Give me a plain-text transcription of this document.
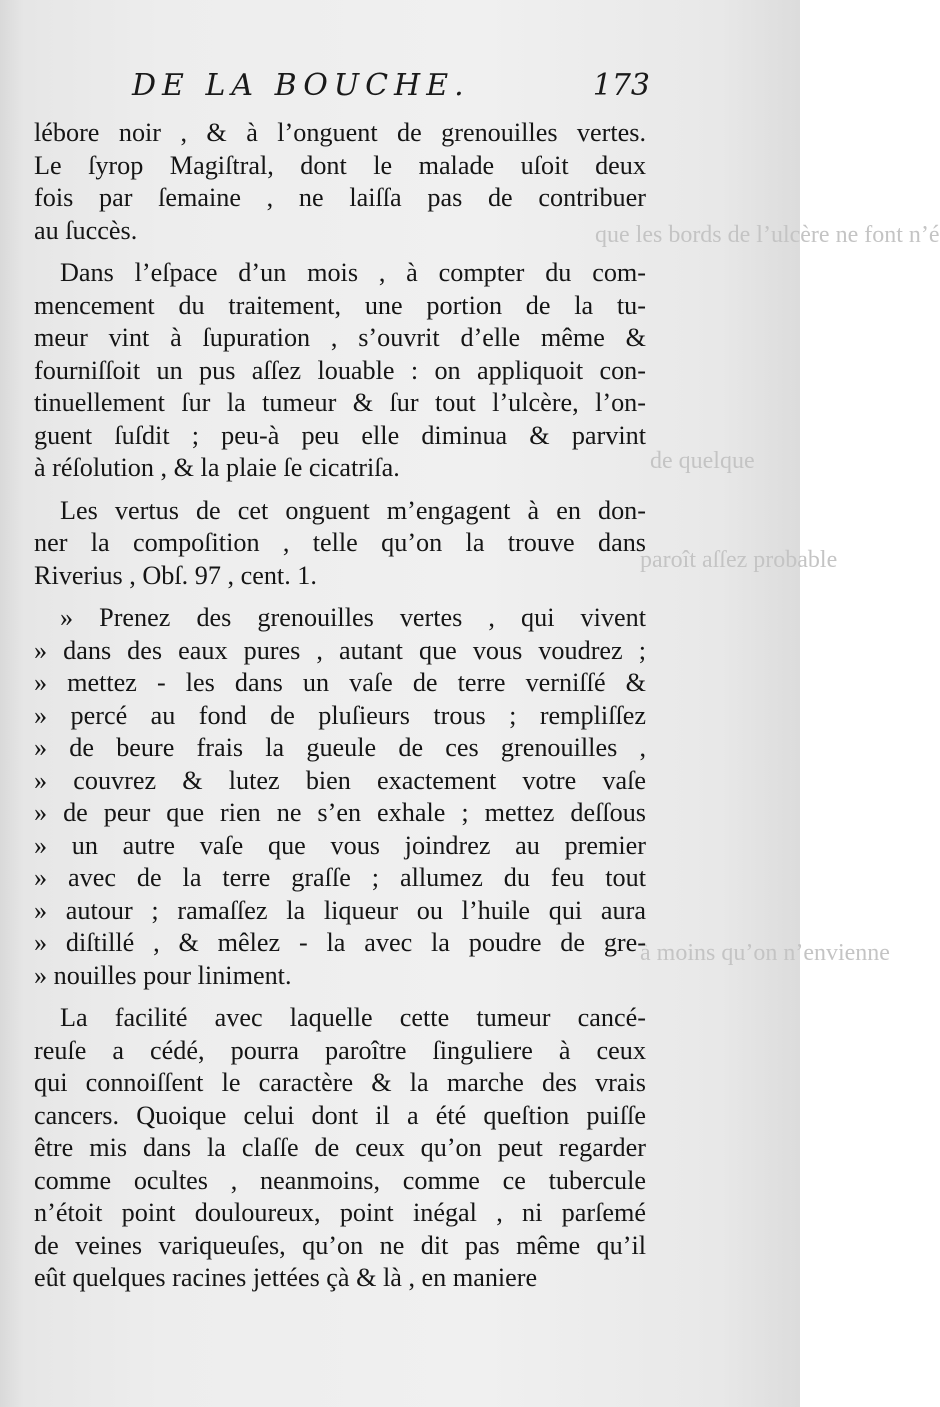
DE LA BOUCHE.	173
que les bords de l’ulcère ne font n’é
de quelque
paroît aſſez probable
à moins qu’on n’envienne
lébore noir , & à l’onguent de grenouilles vertes.
Le ſyrop Magiſtral, dont le malade uſoit deux
fois par ſemaine , ne laiſſa pas de contribuer
au ſuccès.
Dans l’eſpace d’un mois , à compter du com-
mencement du traitement, une portion de la tu-
meur vint à ſupuration , s’ouvrit d’elle même &
fourniſſoit un pus aſſez louable : on appliquoit con-
tinuellement ſur la tumeur & ſur tout l’ulcère, l’on-
guent ſuſdit ; peu-à peu elle diminua & parvint
à réſolution , & la plaie ſe cicatriſa.
Les vertus de cet onguent m’engagent à en don-
ner la compoſition , telle qu’on la trouve dans
Riverius , Obſ. 97 , cent. 1.
» Prenez des grenouilles vertes , qui vivent
» dans des eaux pures , autant que vous voudrez ;
» mettez - les dans un vaſe de terre verniſſé &
» percé au fond de pluſieurs trous ; rempliſſez
» de beure frais la gueule de ces grenouilles ,
» couvrez & lutez bien exactement votre vaſe
» de peur que rien ne s’en exhale ; mettez deſſous
» un autre vaſe que vous joindrez au premier
» avec de la terre graſſe ; allumez du feu tout
» autour ; ramaſſez la liqueur ou l’huile qui aura
» diſtillé , & mêlez - la avec la poudre de gre-
» nouilles pour liniment.
La facilité avec laquelle cette tumeur cancé-
reuſe a cédé, pourra paroître ſinguliere à ceux
qui connoiſſent le caractère & la marche des vrais
cancers. Quoique celui dont il a été queſtion puiſſe
être mis dans la claſſe de ceux qu’on peut regarder
comme ocultes , neanmoins, comme ce tubercule
n’étoit point douloureux, point inégal , ni parſemé
de veines variqueuſes, qu’on ne dit pas même qu’il
eût quelques racines jettées çà & là , en maniere
